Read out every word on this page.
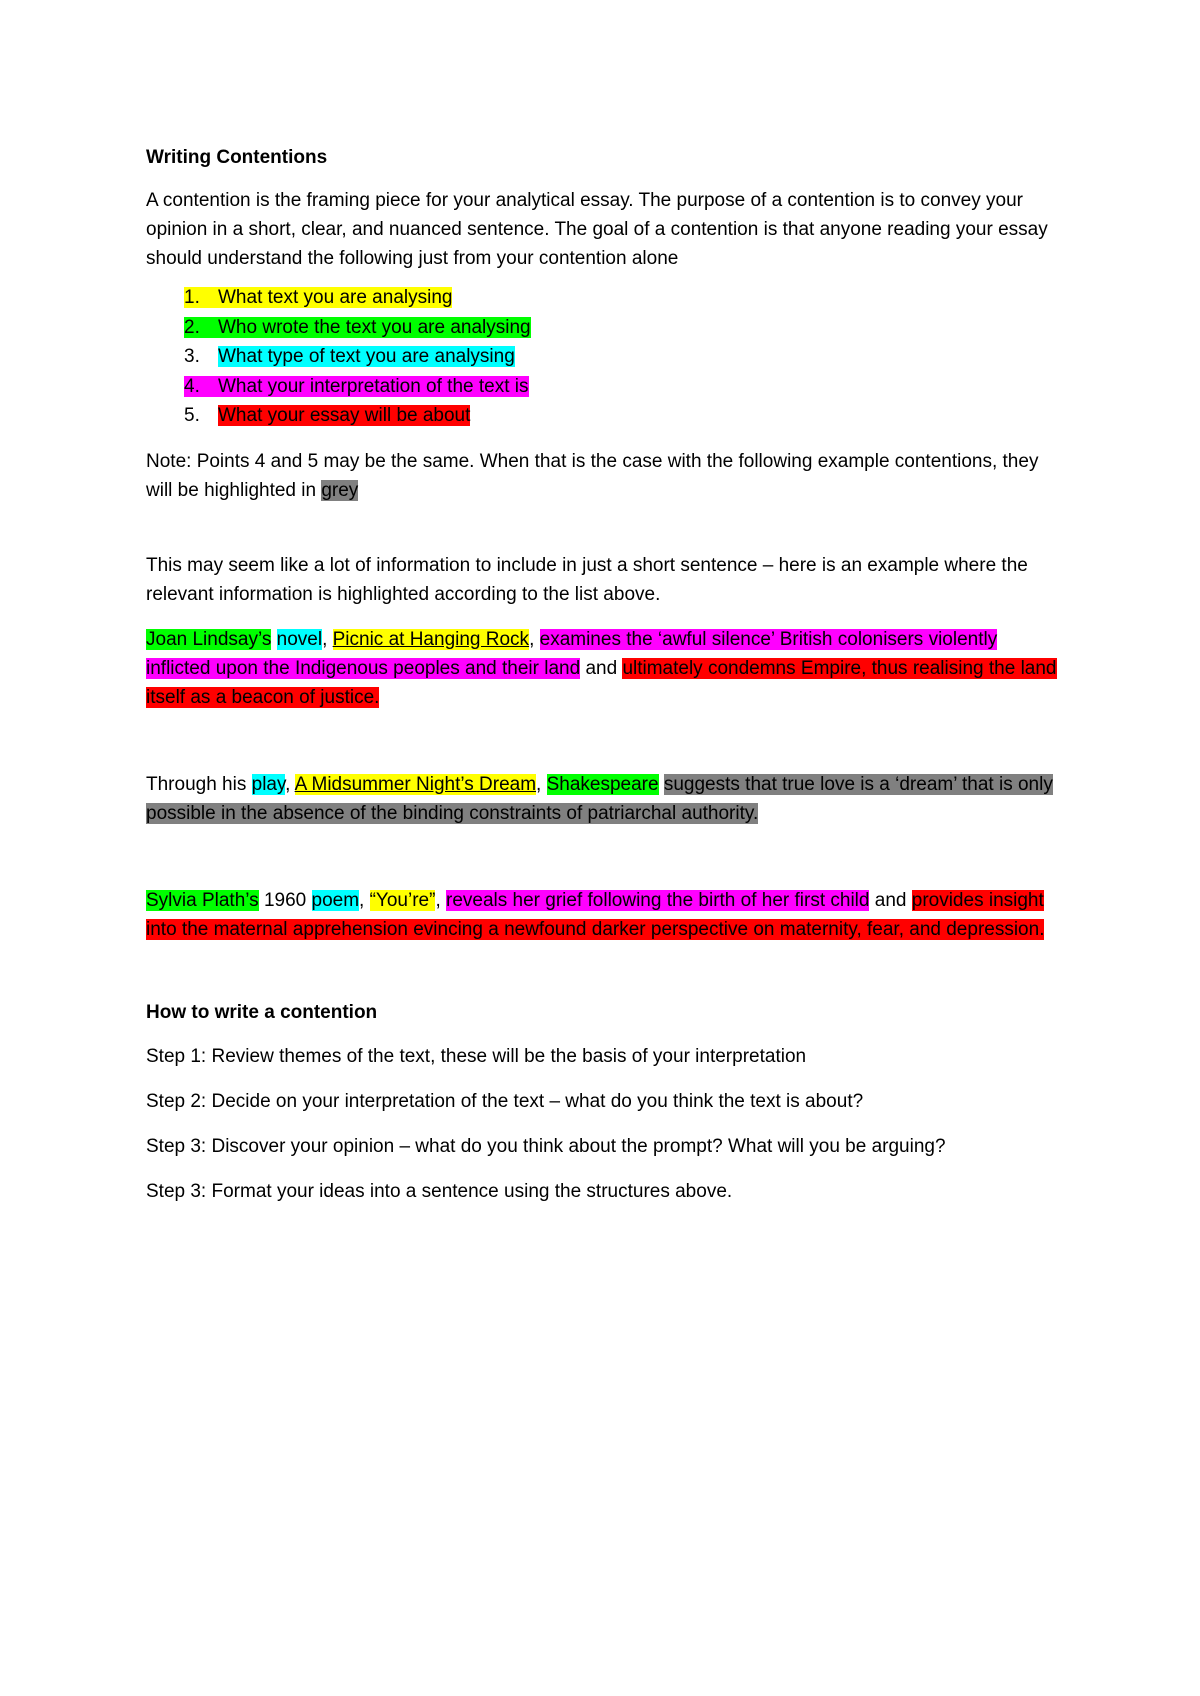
Writing Contentions

A contention is the framing piece for your analytical essay. The purpose of a contention is to convey your opinion in a short, clear, and nuanced sentence. The goal of a contention is that anyone reading your essay should understand the following just from your contention alone

1. What text you are analysing
2. Who wrote the text you are analysing
3. What type of text you are analysing
4. What your interpretation of the text is
5. What your essay will be about

Note: Points 4 and 5 may be the same. When that is the case with the following example contentions, they will be highlighted in grey

This may seem like a lot of information to include in just a short sentence – here is an example where the relevant information is highlighted according to the list above.

Joan Lindsay’s novel, Picnic at Hanging Rock, examines the ‘awful silence’ British colonisers violently inflicted upon the Indigenous peoples and their land and ultimately condemns Empire, thus realising the land itself as a beacon of justice.

Through his play, A Midsummer Night’s Dream, Shakespeare suggests that true love is a ‘dream’ that is only possible in the absence of the binding constraints of patriarchal authority.

Sylvia Plath’s 1960 poem, “You’re”, reveals her grief following the birth of her first child and provides insight into the maternal apprehension evincing a newfound darker perspective on maternity, fear, and depression.

How to write a contention

Step 1: Review themes of the text, these will be the basis of your interpretation

Step 2: Decide on your interpretation of the text – what do you think the text is about?

Step 3: Discover your opinion – what do you think about the prompt? What will you be arguing?

Step 3: Format your ideas into a sentence using the structures above.
